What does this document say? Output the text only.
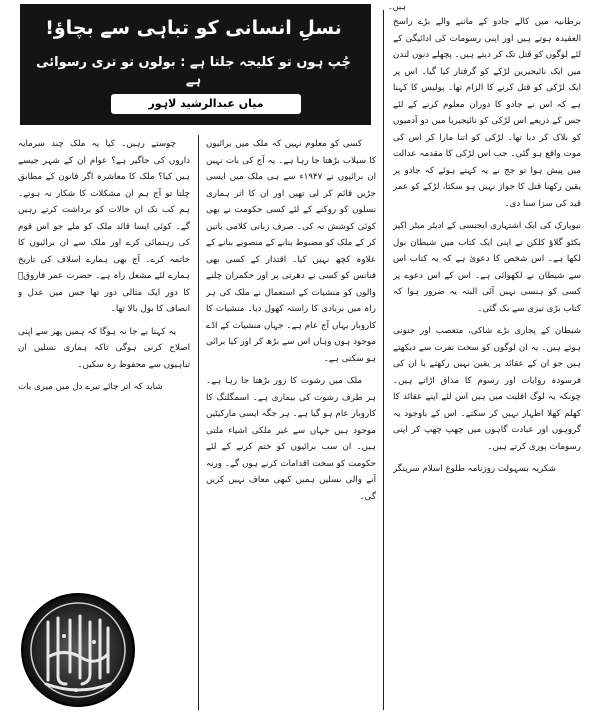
ہیں۔
نسلِ انسانی کو تباہی سے بچاؤ!
چُپ ہوں تو کلیجہ جلتا ہے : بولوں تو تری رسوائی ہے
میاں عبدالرشید لاہور

برطانیہ میں کالے جادو کے ماننے والے بڑے راسخ العقیدہ ہوتے ہیں اور اپنی رسومات کی ادائیگی کے لئے لوگوں کو قتل تک کر دیتے ہیں۔ پچھلے دنوں لندن میں ایک نائیجیرین لڑکے کو گرفتار کیا گیا۔ اس پر ایک لڑکی کو قتل کرنے کا الزام تھا۔ پولیس کا کہنا ہے کہ اس نے جادو کا دوران معلوم کرنے کے لئے جس کے ذریعے اس لڑکی کو نائیجیریا میں دو آدمیوں کو بلاک کر دیا تھا۔ لڑکی کو اتنا مارا کر اس کی موت واقع ہو گئی۔ جب اس لڑکی کا مقدمہ عدالت میں پیش ہوا تو جج نے یہ کہتے ہوئے کہ جادو پر یقین رکھنا قتل کا جواز نہیں ہو سکتا، لڑکے کو عمر قید کی سزا سنا دی۔

نیویارک کی ایک اشتہاری ایجنسی کے ادیٹر میٹر اکیز یکٹو گلاؤ کلکن نے اپنی ایک کتاب میں شیطان بول لکھا ہے۔ اس شخص کا دعویٰ ہے کہ یہ کتاب اس سے شیطان نے لکھوائی ہے۔ اس کے اس دعوے پر کسی کو ہنسی نہیں آئی البتہ یہ ضرور ہوا کہ کتاب بڑی تیزی سے بک گئی۔

شیطان کے پجاری بڑے شاکی، متعصب اور جنونی ہوتے ہیں۔ یہ ان لوگوں کو سخت نفرت سے دیکھتے ہیں جو ان کے عقائد پر یقین نہیں رکھتے یا ان کی فرسودہ روایات اور رسوم کا مذاق اڑاتے ہیں۔ چونکہ یہ لوگ اقلیت میں ہیں اس لئے اپنے عقائد کا کھلم کھلا اظہار نہیں کر سکتے۔ اس کے باوجود یہ گروہوں اور عبادت گاہوں میں چھپ چھپ کر اپنی رسومات پوری کرتے ہیں۔

شکریہ بسہولت روزنامہ طلوع اسلام سرینگر

کسی کو معلوم نہیں کہ ملک میں برائیوں کا سیلاب بڑھتا جا رہا ہے۔ یہ آج کی بات نہیں ان برائیوں نے ۱۹۴۷ء سے ہی ملک میں ایسی جڑیں قائم کر لی تھیں اور ان کا اثر ہماری نسلوں کو روکنے کے لئے کسی حکومت نے بھی کوئی کوشش نہ کی۔ صرف زبانی کلامی باتیں کر کے ملک کو مضبوط بنانے کے منصوبے بنانے کے علاوہ کچھ نہیں کیا۔ اقتدار کے کسی بھی فنانس کو کسی نے دھرتی پر اور حکمران چلنے والوں کو منشیات کے استعمال نے ملک کی ہر راہ میں بربادی کا راستہ کھول دیا۔ منشیات کا کاروبار یہاں آج عام ہے۔ جہاں منشیات کے اڈے موجود ہوں وہاں اس سے بڑھ کر اور کیا برائی ہو سکتی ہے۔

ملک میں رشوت کا زور بڑھتا جا رہا ہے۔ ہر طرف رشوت کی بیماری ہے۔ اسمگلنگ کا کاروبار عام ہو گیا ہے۔ ہر جگہ ایسی مارکیٹیں موجود ہیں جہاں سے غیر ملکی اشیاء ملتی ہیں۔ ان سب برائیوں کو ختم کرنے کے لئے حکومت کو سخت اقدامات کرنے ہوں گے۔ ورنہ آنے والی نسلیں ہمیں کبھی معاف نہیں کریں گی۔

چوستے رہیں۔ کیا یہ ملک چند سرمایہ داروں کی جاگیر ہے؟ عوام ان کے شہر جیسے ہیں کیا؟ ملک کا معاشرہ اگر قانون کے مطابق چلتا تو آج ہم ان مشکلات کا شکار نہ ہوتے۔ ہم کب تک ان حالات کو برداشت کرتے رہیں گے۔ کوئی ایسا قائد ملک کو ملے جو اس قوم کی رہنمائی کرے اور ملک سے ان برائیوں کا خاتمہ کرے۔ آج بھی ہمارے اسلاف کی تاریخ ہمارے لئے مشعل راہ ہے۔ حضرت عمر فاروقؓ کا دور ایک مثالی دور تھا جس میں عدل و انصاف کا بول بالا تھا۔

یہ کہنا بے جا نہ ہوگا کہ ہمیں پھر سے اپنی اصلاح کرنی ہوگی تاکہ ہماری نسلیں ان تباہیوں سے محفوظ رہ سکیں۔

شاید کہ اتر جائے تیرے دل میں میری بات
